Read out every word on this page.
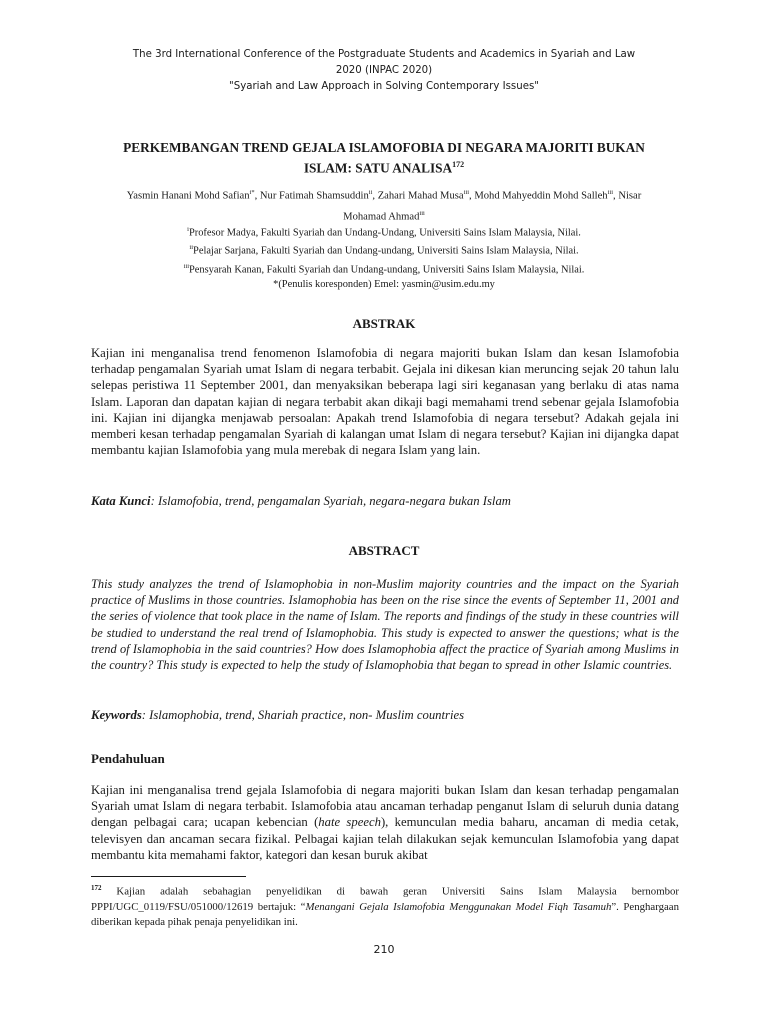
The 3rd International Conference of the Postgraduate Students and Academics in Syariah and Law
2020 (INPAC 2020)
"Syariah and Law Approach in Solving Contemporary Issues"
PERKEMBANGAN TREND GEJALA ISLAMOFOBIA DI NEGARA MAJORITI BUKAN
ISLAM: SATU ANALISA$^{172}$
Yasmin Hanani Mohd Safian$^{i*}$, Nur Fatimah Shamsuddin$^{ii}$, Zahari Mahad Musa$^{iii}$, Mohd Mahyeddin Mohd Salleh$^{iii}$, Nisar
Mohamad Ahmad$^{iii}$
$^i$Profesor Madya, Fakulti Syariah dan Undang-Undang, Universiti Sains Islam Malaysia, Nilai.
$^{ii}$Pelajar Sarjana, Fakulti Syariah dan Undang-undang, Universiti Sains Islam Malaysia, Nilai.
$^{iii}$Pensyarah Kanan, Fakulti Syariah dan Undang-undang, Universiti Sains Islam Malaysia, Nilai.
*(Penulis koresponden) Emel: yasmin@usim.edu.my
ABSTRAK
Kajian ini menganalisa trend fenomenon Islamofobia di negara majoriti bukan Islam dan kesan Islamofobia terhadap pengamalan Syariah umat Islam di negara terbabit. Gejala ini dikesan kian meruncing sejak 20 tahun lalu selepas peristiwa 11 September 2001, dan menyaksikan beberapa lagi siri keganasan yang berlaku di atas nama Islam. Laporan dan dapatan kajian di negara terbabit akan dikaji bagi memahami trend sebenar gejala Islamofobia ini. Kajian ini dijangka menjawab persoalan: Apakah trend Islamofobia di negara tersebut? Adakah gejala ini memberi kesan terhadap pengamalan Syariah di kalangan umat Islam di negara tersebut? Kajian ini dijangka dapat membantu kajian Islamofobia yang mula merebak di negara Islam yang lain.
Kata Kunci: Islamofobia, trend, pengamalan Syariah, negara-negara bukan Islam
ABSTRACT
This study analyzes the trend of Islamophobia in non-Muslim majority countries and the impact on the Syariah practice of Muslims in those countries. Islamophobia has been on the rise since the events of September 11, 2001 and the series of violence that took place in the name of Islam. The reports and findings of the study in these countries will be studied to understand the real trend of Islamophobia. This study is expected to answer the questions; what is the trend of Islamophobia in the said countries? How does Islamophobia affect the practice of Syariah among Muslims in the country? This study is expected to help the study of Islamophobia that began to spread in other Islamic countries.
Keywords: Islamophobia, trend, Shariah practice, non- Muslim countries
Pendahuluan
Kajian ini menganalisa trend gejala Islamofobia di negara majoriti bukan Islam dan kesan terhadap pengamalan Syariah umat Islam di negara terbabit. Islamofobia atau ancaman terhadap penganut Islam di seluruh dunia datang dengan pelbagai cara; ucapan kebencian (hate speech), kemunculan media baharu, ancaman di media cetak, televisyen dan ancaman secara fizikal. Pelbagai kajian telah dilakukan sejak kemunculan Islamofobia yang dapat membantu kita memahami faktor, kategori dan kesan buruk akibat
$^{172}$ Kajian adalah sebahagian penyelidikan di bawah geran Universiti Sains Islam Malaysia bernombor PPPI/UGC_0119/FSU/051000/12619 bertajuk: “Menangani Gejala Islamofobia Menggunakan Model Fiqh Tasamuh”. Penghargaan diberikan kepada pihak penaja penyelidikan ini.
210
